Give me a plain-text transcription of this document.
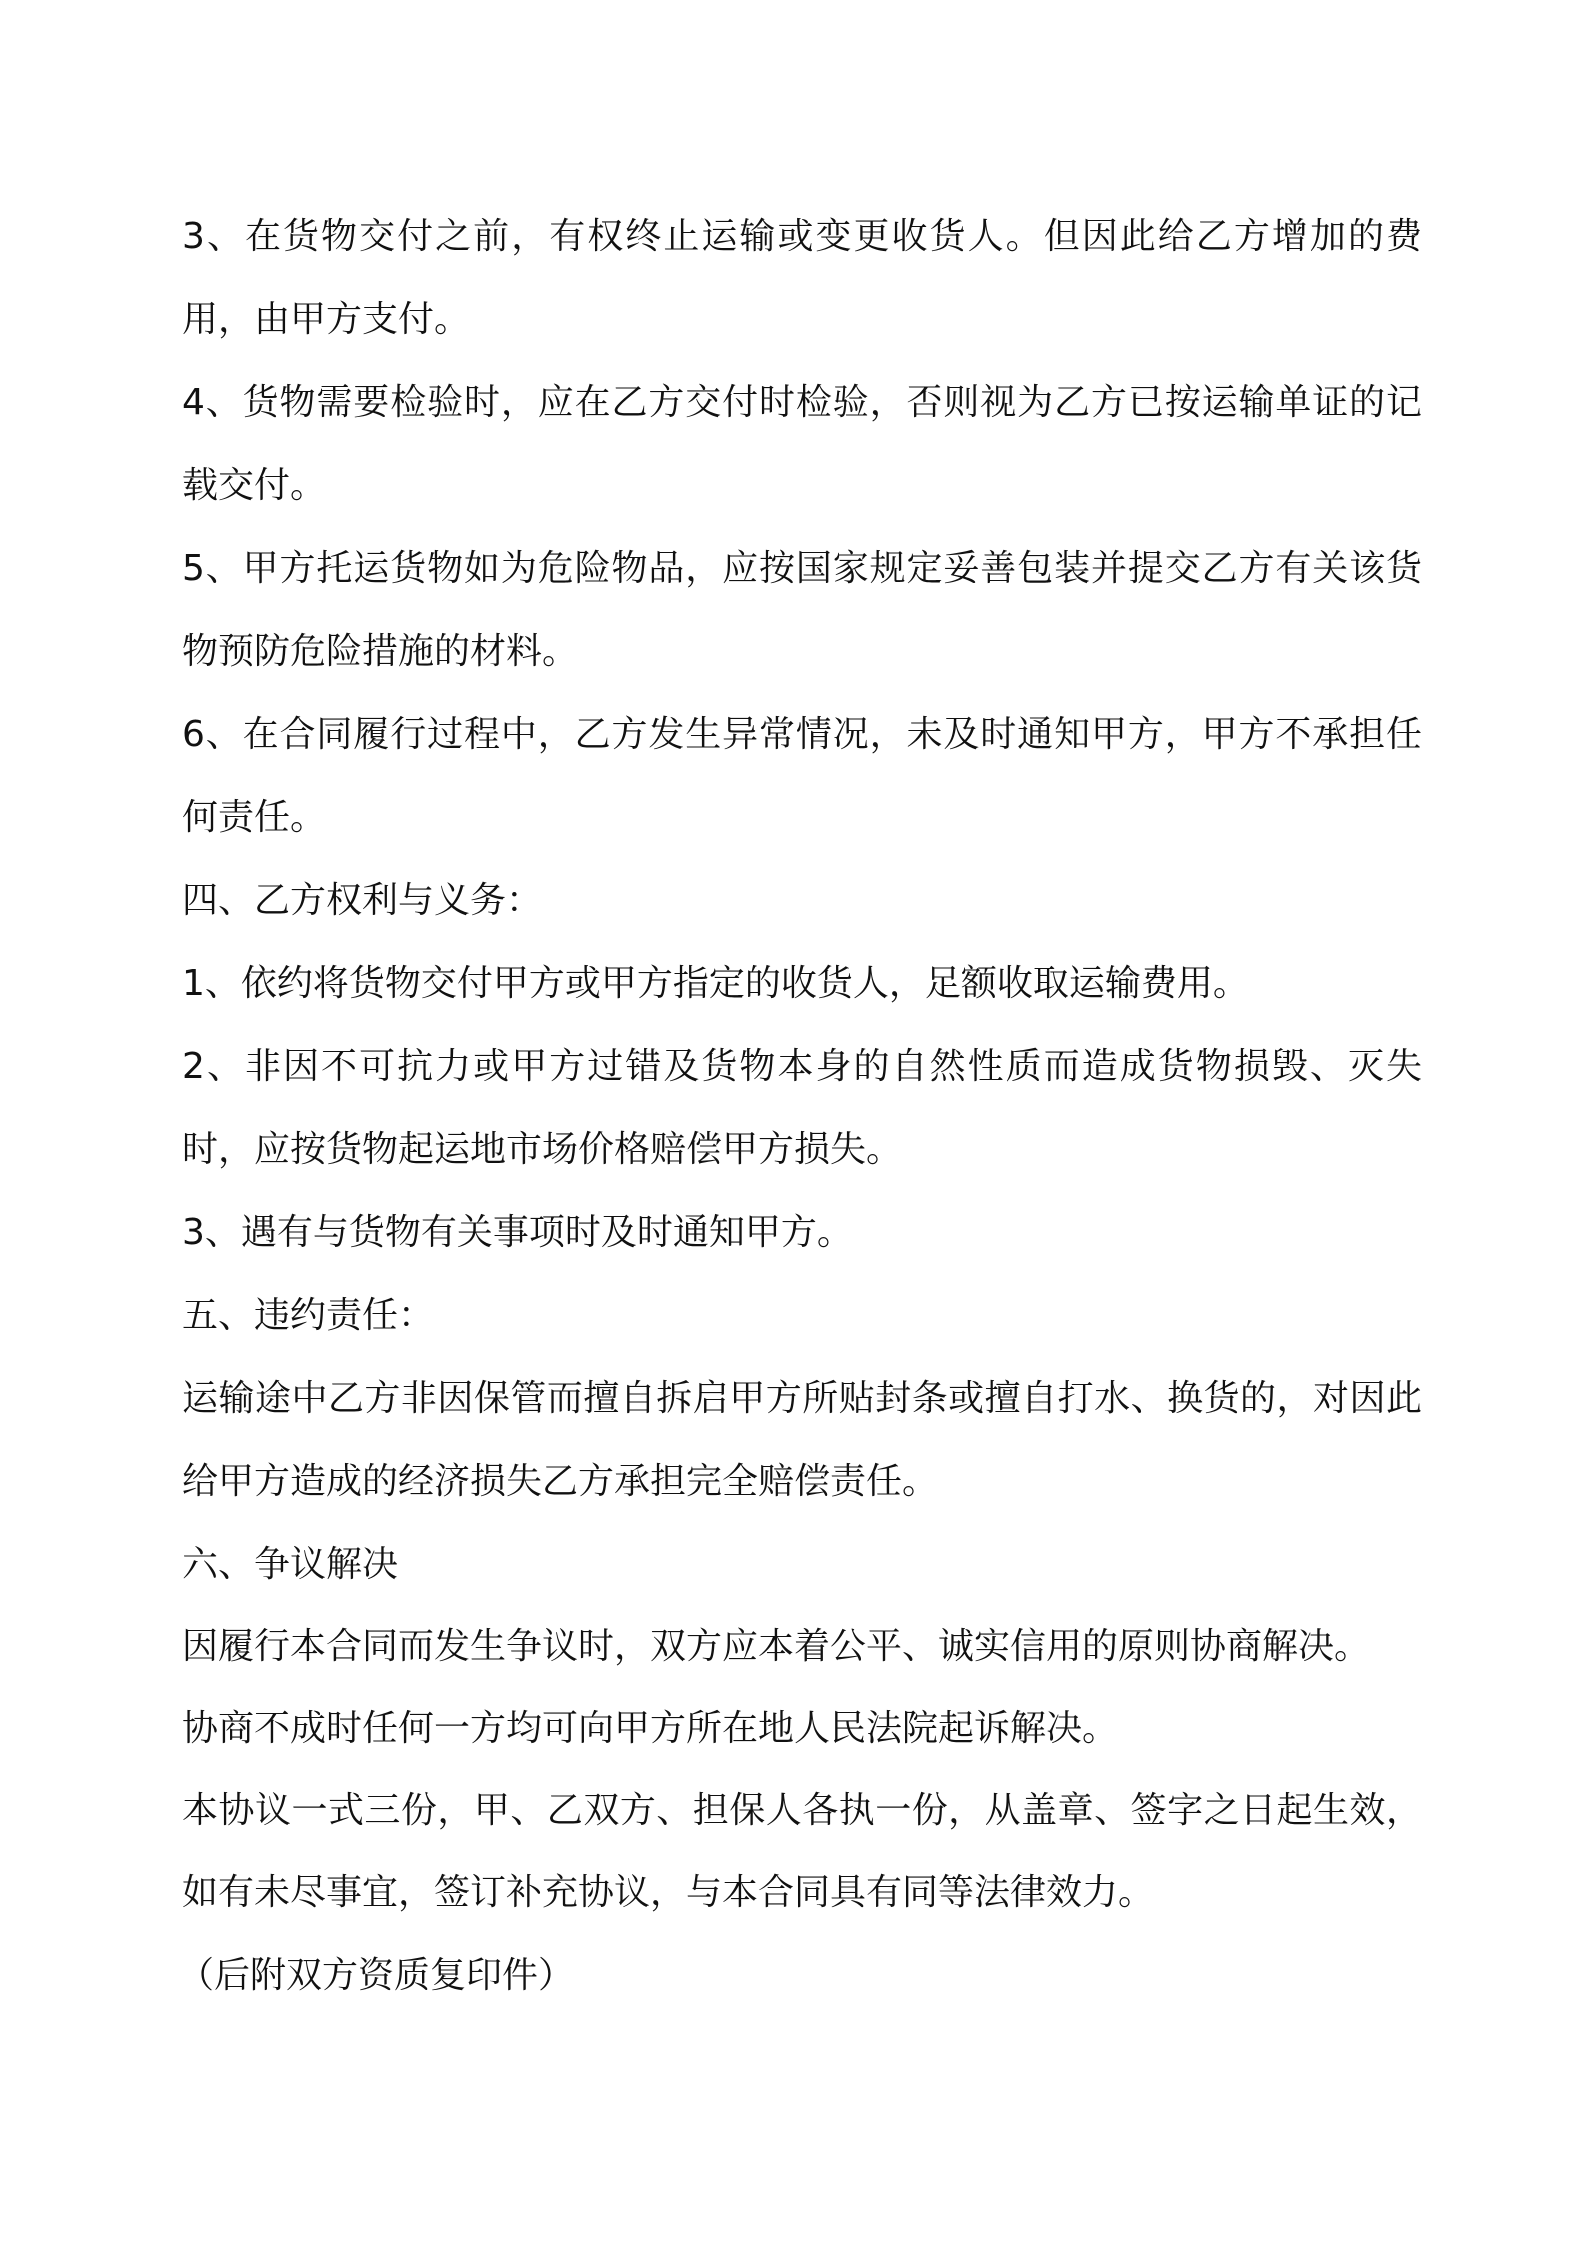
3、在货物交付之前，有权终止运输或变更收货人。但因此给乙方增加的费用，由甲方支付。

4、货物需要检验时，应在乙方交付时检验，否则视为乙方已按运输单证的记载交付。

5、甲方托运货物如为危险物品，应按国家规定妥善包装并提交乙方有关该货物预防危险措施的材料。

6、在合同履行过程中，乙方发生异常情况，未及时通知甲方，甲方不承担任何责任。

四、乙方权利与义务：

1、依约将货物交付甲方或甲方指定的收货人，足额收取运输费用。

2、非因不可抗力或甲方过错及货物本身的自然性质而造成货物损毁、灭失时，应按货物起运地市场价格赔偿甲方损失。

3、遇有与货物有关事项时及时通知甲方。

五、违约责任：

运输途中乙方非因保管而擅自拆启甲方所贴封条或擅自打水、换货的，对因此给甲方造成的经济损失乙方承担完全赔偿责任。

六、争议解决

因履行本合同而发生争议时，双方应本着公平、诚实信用的原则协商解决。

协商不成时任何一方均可向甲方所在地人民法院起诉解决。

本协议一式三份，甲、乙双方、担保人各执一份，从盖章、签字之日起生效，如有未尽事宜，签订补充协议，与本合同具有同等法律效力。

（后附双方资质复印件）
